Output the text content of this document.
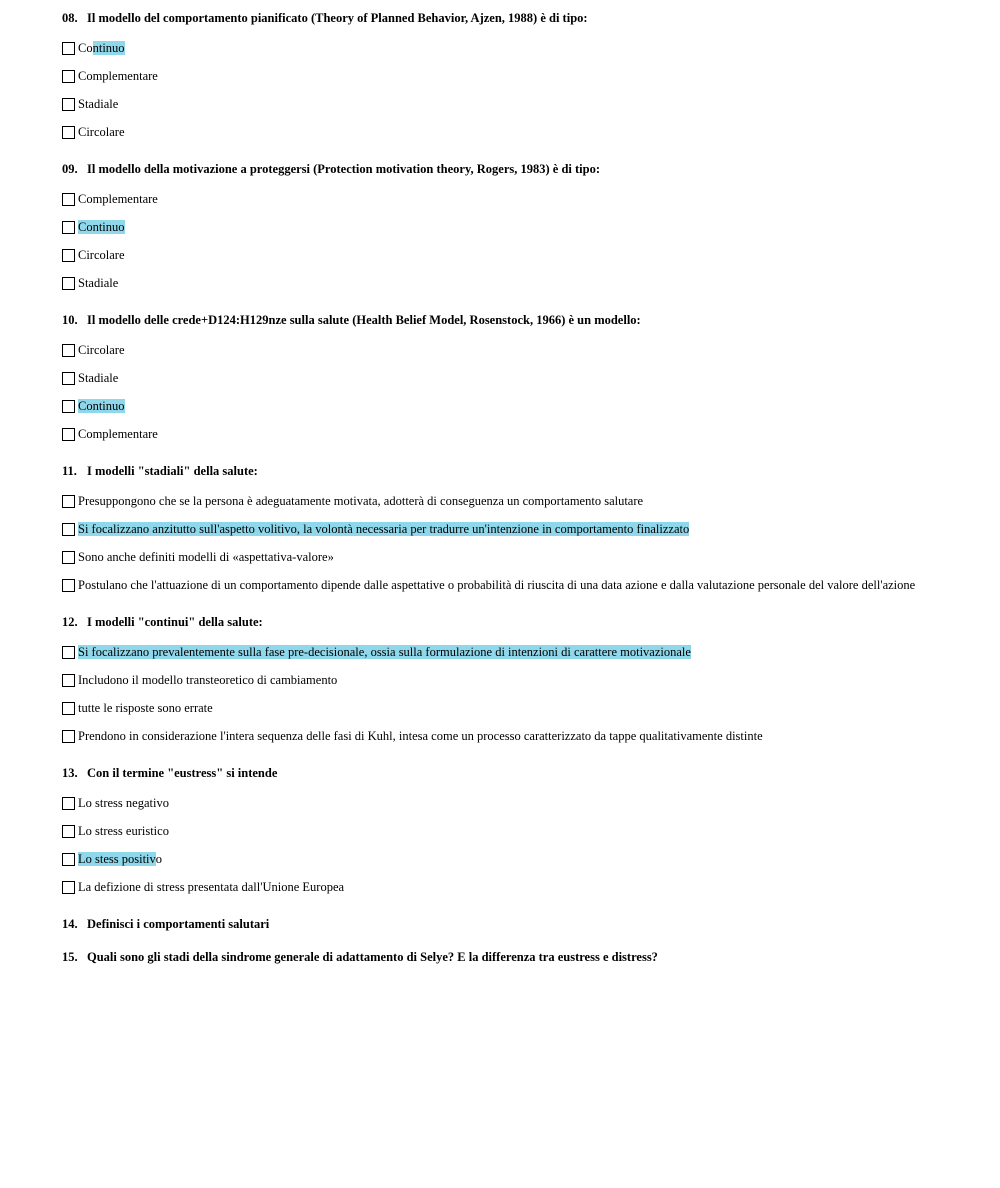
08. Il modello del comportamento pianificato (Theory of Planned Behavior, Ajzen, 1988) è di tipo:
Continuo
Complementare
Stadiale
Circolare
09. Il modello della motivazione a proteggersi (Protection motivation theory, Rogers, 1983) è di tipo:
Complementare
Continuo
Circolare
Stadiale
10. Il modello delle crede+D124:H129nze sulla salute (Health Belief Model, Rosenstock, 1966) è un modello:
Circolare
Stadiale
Continuo
Complementare
11. I modelli "stadiali" della salute:
Presuppongono che se la persona è adeguatamente motivata, adotterà di conseguenza un comportamento salutare
Si focalizzano anzitutto sull'aspetto volitivo, la volontà necessaria per tradurre un'intenzione in comportamento finalizzato
Sono anche definiti modelli di «aspettativa-valore»
Postulano che l'attuazione di un comportamento dipende dalle aspettative o probabilità di riuscita di una data azione e dalla valutazione personale del valore dell'azione
12. I modelli "continui" della salute:
Si focalizzano prevalentemente sulla fase pre-decisionale, ossia sulla formulazione di intenzioni di carattere motivazionale
Includono il modello transteoretico di cambiamento
tutte le risposte sono errate
Prendono in considerazione l'intera sequenza delle fasi di Kuhl, intesa come un processo caratterizzato da tappe qualitativamente distinte
13. Con il termine "eustress" si intende
Lo stress negativo
Lo stress euristico
Lo stess positivo
La defizione di stress presentata dall'Unione Europea
14. Definisci i comportamenti salutari
15. Quali sono gli stadi della sindrome generale di adattamento di Selye? E la differenza tra eustress e distress?
